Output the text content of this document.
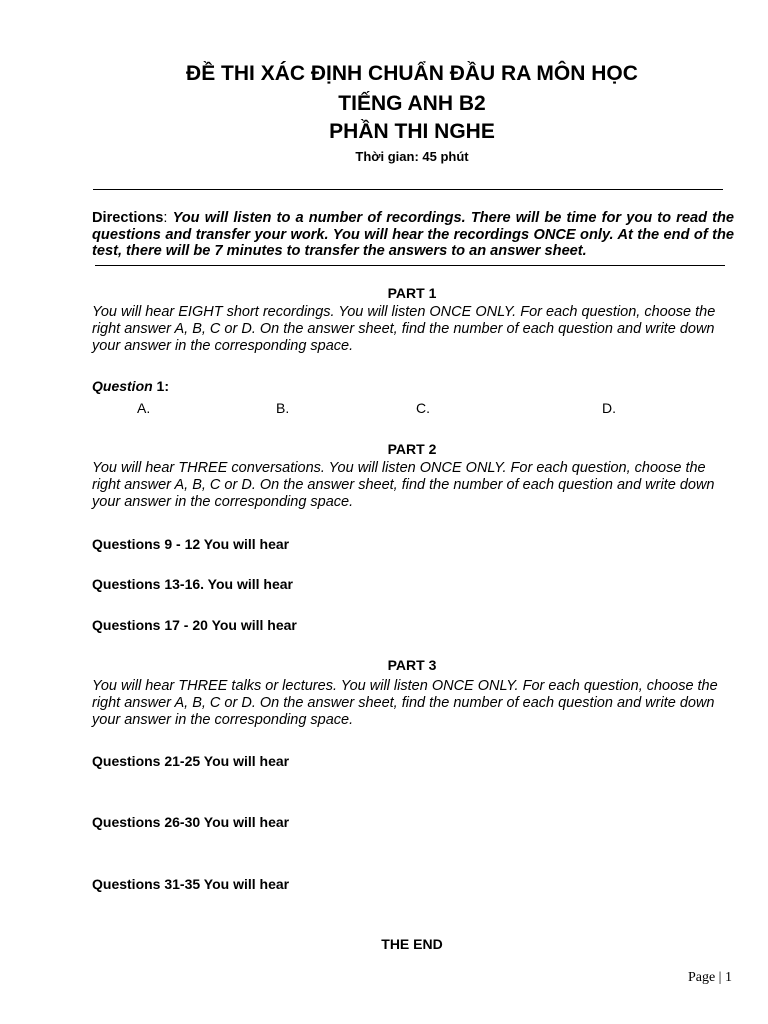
ĐỀ THI XÁC ĐỊNH CHUẨN ĐẦU RA MÔN HỌC
TIẾNG ANH B2
PHẦN THI NGHE
Thời gian: 45 phút
Directions: You will listen to a number of recordings. There will be time for you to read the questions and transfer your work. You will hear the recordings ONCE only. At the end of the test, there will be 7 minutes to transfer the answers to an answer sheet.
PART 1
You will hear EIGHT short recordings. You will listen ONCE ONLY. For each question, choose the right answer A, B, C or D. On the answer sheet, find the number of each question and write down your answer in the corresponding space.
Question 1:
A.	B.	C.	D.
PART 2
You will hear THREE conversations. You will listen ONCE ONLY. For each question, choose the right answer A, B, C or D. On the answer sheet, find the number of each question and write down your answer in the corresponding space.
Questions 9 - 12 You will hear
Questions 13-16. You will hear
Questions 17 - 20 You will hear
PART 3
You will hear THREE talks or lectures. You will listen ONCE ONLY. For each question, choose the right answer A, B, C or D. On the answer sheet, find the number of each question and write down your answer in the corresponding space.
Questions 21-25 You will hear
Questions 26-30 You will hear
Questions 31-35 You will hear
THE END
Page | 1
